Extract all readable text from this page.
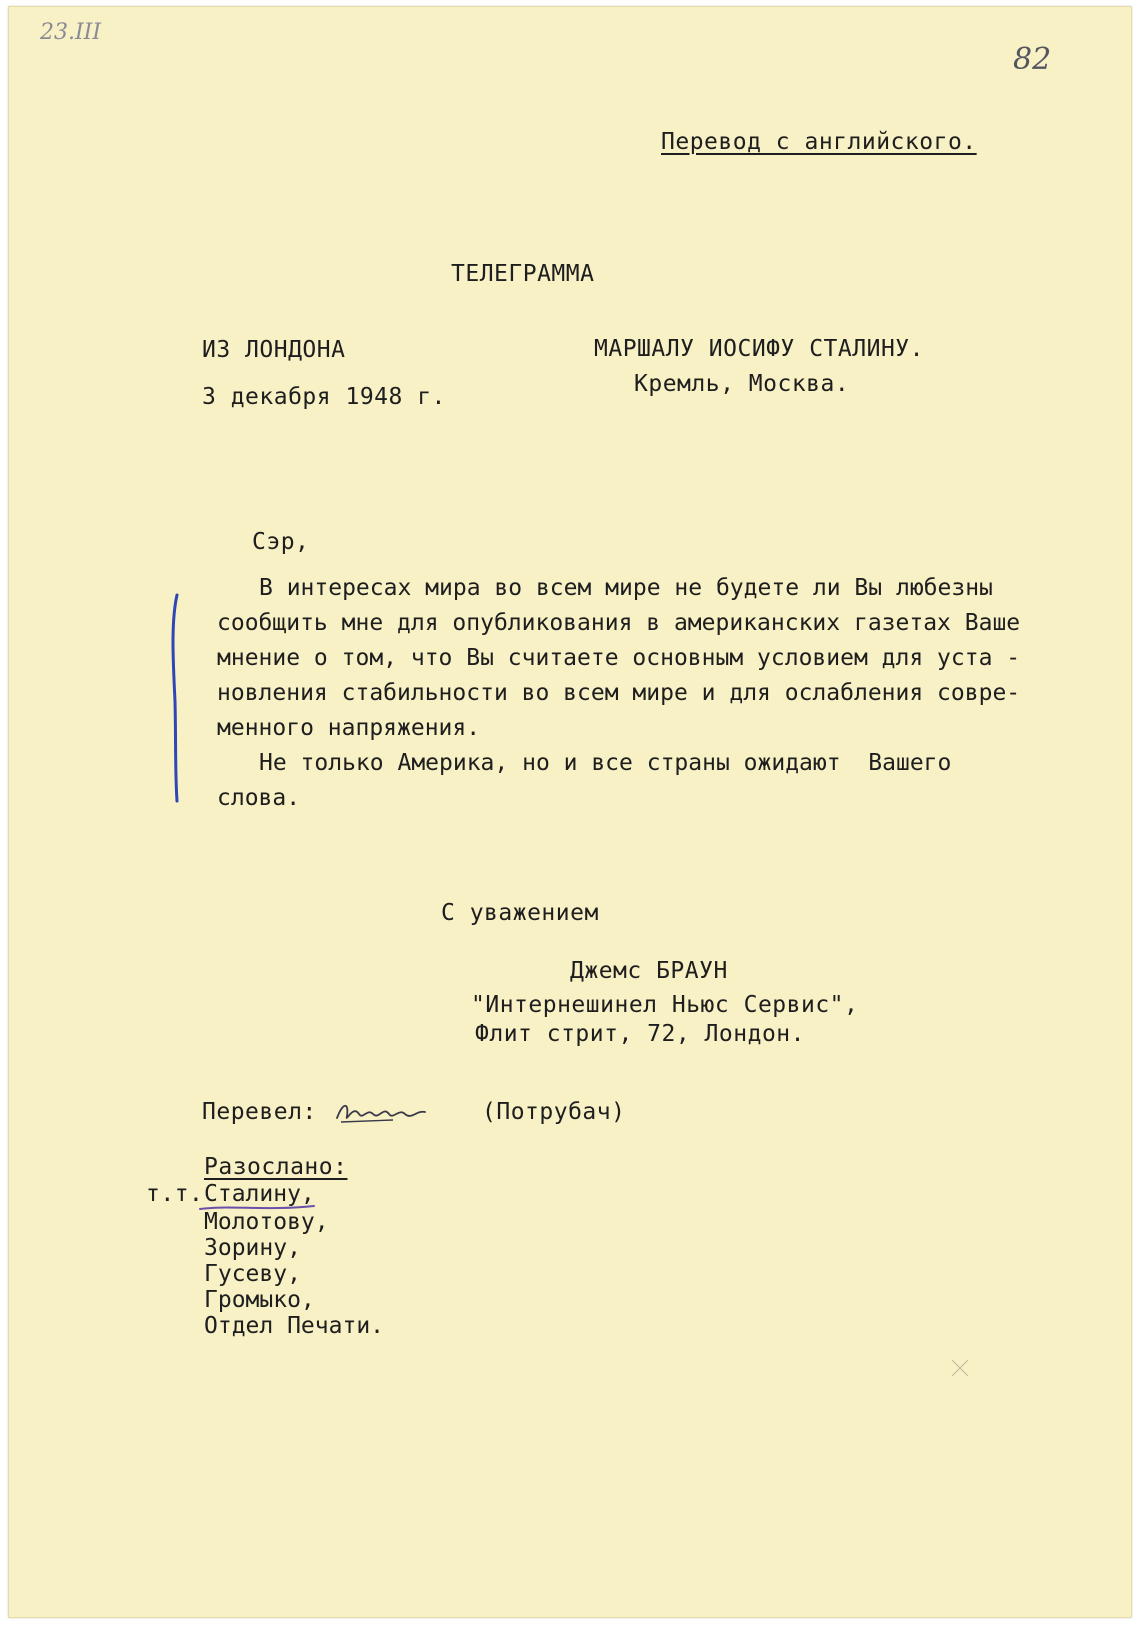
23.III
82
Перевод с английского.
ТЕЛЕГРАММА
ИЗ ЛОНДОНА
3 декабря 1948 г.
МАРШАЛУ ИОСИФУ СТАЛИНУ.
Кремль, Москва.
Сэр,
В интересах мира во всем мире не будете ли Вы любезны
сообщить мне для опубликования в американских газетах Ваше
мнение о том, что Вы считаете основным условием для уста -
новления стабильности во всем мире и для ослабления совре-
менного напряжения.
Не только Америка, но и все страны ожидают  Вашего
слова.
С уважением
Джемс БРАУН
"Интернешинел Ньюс Сервис",
Флит стрит, 72, Лондон.
Перевел:	(Потрубач)
Разослано:
т.т. Сталину,
Молотову,
Зорину,
Гусеву,
Громыко,
Отдел Печати.
